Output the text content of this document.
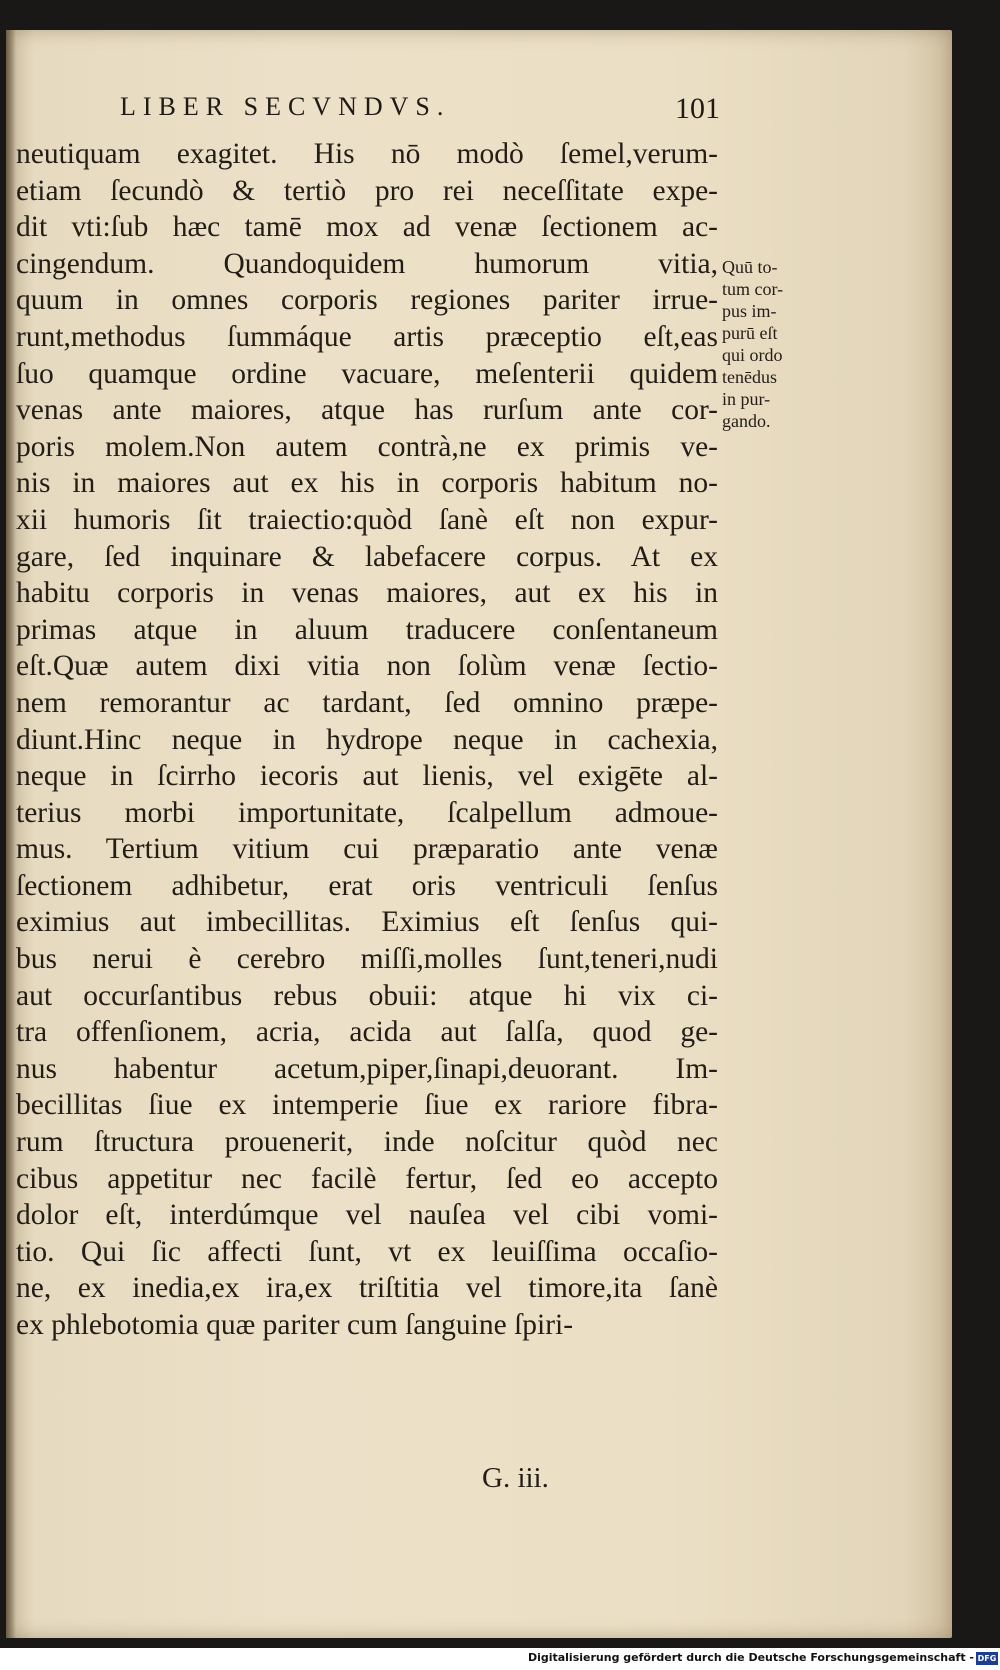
LIBER SECVNDVS.	101
neutiquam exagitet. His nō modò ſemel,verum-
etiam ſecundò & tertiò pro rei neceſſitate expe-
dit vti:ſub hæc tamē mox ad venæ ſectionem ac-
cingendum. Quandoquidem humorum vitia,
quum in omnes corporis regiones pariter irrue-
runt,methodus ſummáque artis præceptio eſt,eas
ſuo quamque ordine vacuare, meſenterii quidem
venas ante maiores, atque has rurſum ante cor-
poris molem.Non autem contrà,ne ex primis ve-
nis in maiores aut ex his in corporis habitum no-
xii humoris ſit traiectio:quòd ſanè eſt non expur-
gare, ſed inquinare & labefacere corpus. At ex
habitu corporis in venas maiores, aut ex his in
primas atque in aluum traducere conſentaneum
eſt.Quæ autem dixi vitia non ſolùm venæ ſectio-
nem remorantur ac tardant, ſed omnino præpe-
diunt.Hinc neque in hydrope neque in cachexia,
neque in ſcirrho iecoris aut lienis, vel exigēte al-
terius morbi importunitate, ſcalpellum admoue-
mus. Tertium vitium cui præparatio ante venæ
ſectionem adhibetur, erat oris ventriculi ſenſus
eximius aut imbecillitas. Eximius eſt ſenſus qui-
bus nerui è cerebro miſſi,molles ſunt,teneri,nudi
aut occurſantibus rebus obuii: atque hi vix ci-
tra offenſionem, acria, acida aut ſalſa, quod ge-
nus habentur acetum,piper,ſinapi,deuorant. Im-
becillitas ſiue ex intemperie ſiue ex rariore fibra-
rum ſtructura prouenerit, inde noſcitur quòd nec
cibus appetitur nec facilè fertur, ſed eo accepto
dolor eſt, interdúmque vel nauſea vel cibi vomi-
tio. Qui ſic affecti ſunt, vt ex leuiſſima occaſio-
ne, ex inedia,ex ira,ex triſtitia vel timore,ita ſanè
ex phlebotomia quæ pariter cum ſanguine ſpiri-
G. iii.
Quū to-
tum cor-
pus im-
purū eſt
qui ordo
tenēdus
in pur-
gando.
Digitalisierung gefördert durch die Deutsche Forschungsgemeinschaft - DFG
